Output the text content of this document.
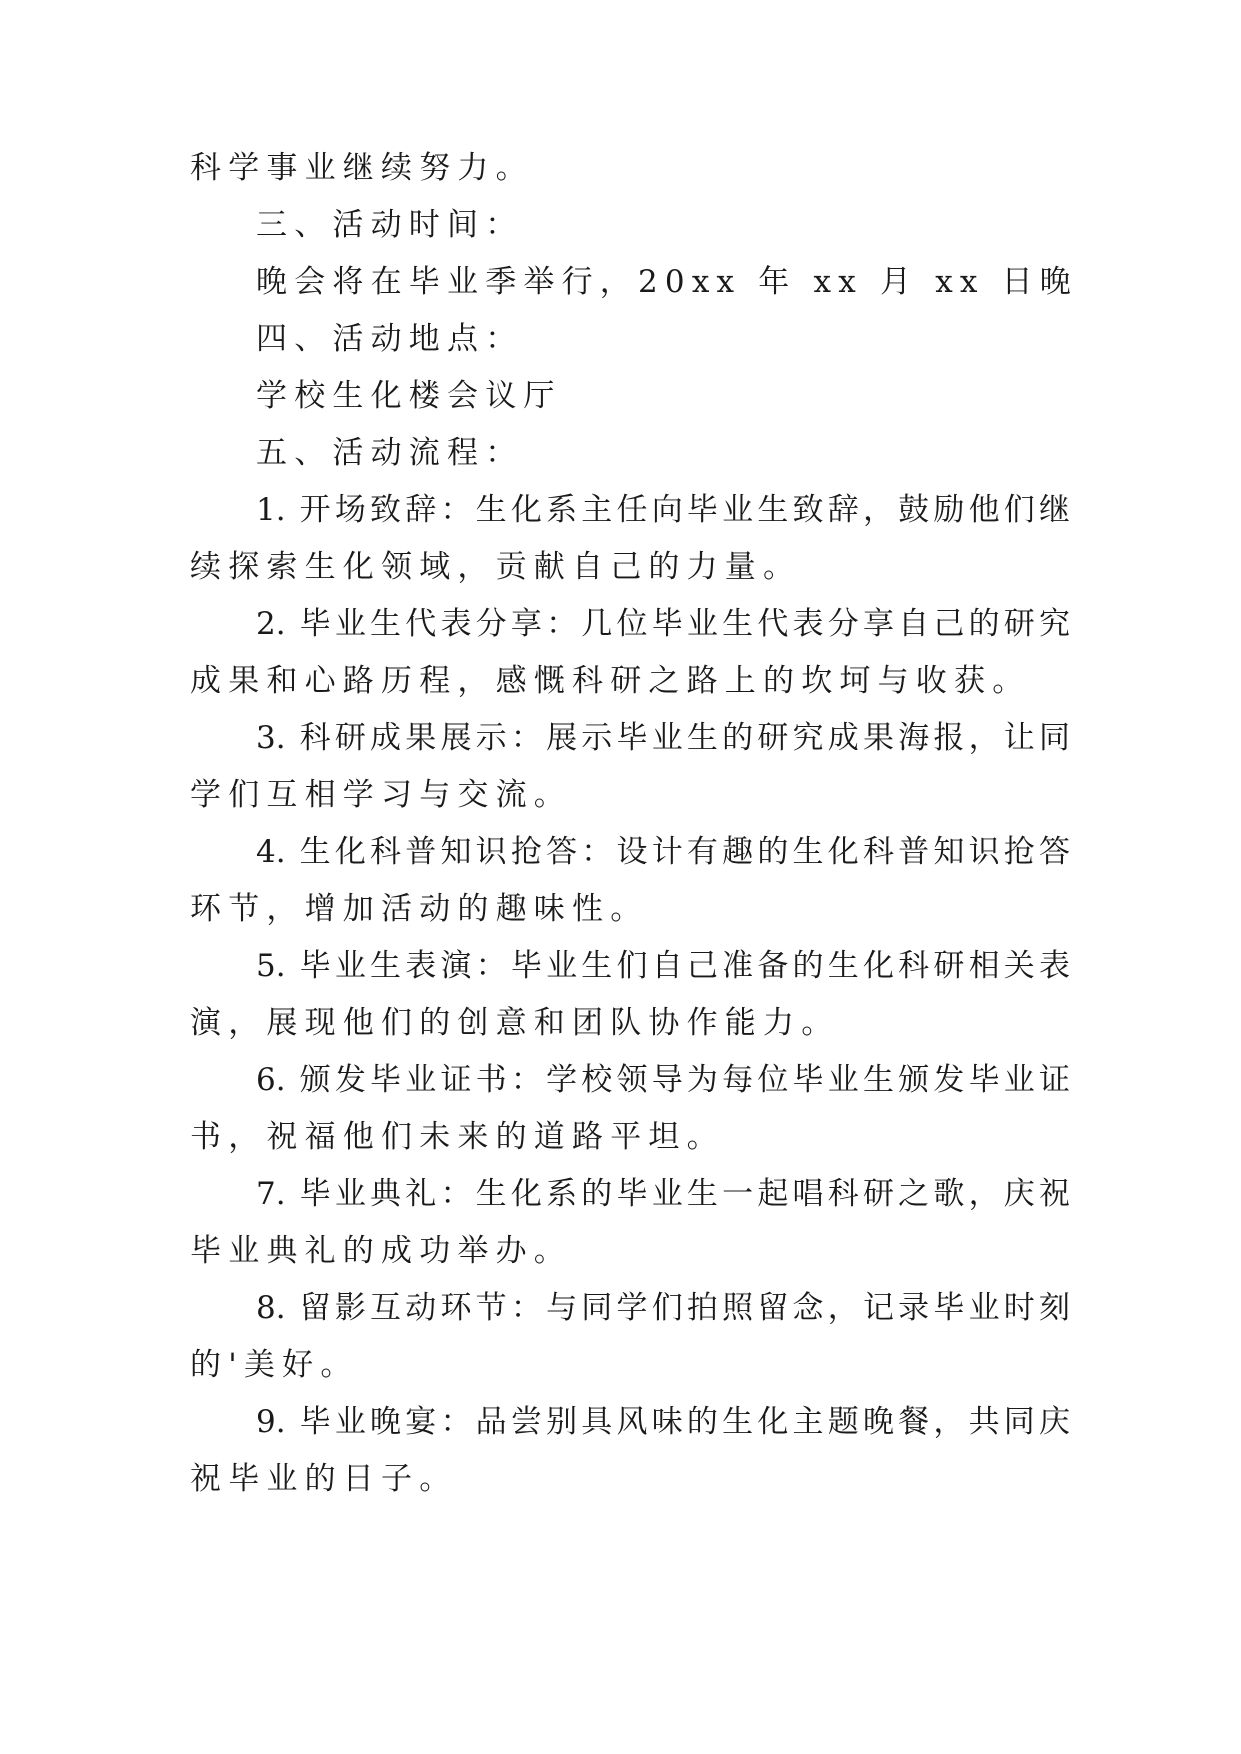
科学事业继续努力。
三、活动时间：
晚会将在毕业季举行，20xx 年 xx 月 xx 日晚
四、活动地点：
学校生化楼会议厅
五、活动流程：
1. 开场致辞：生化系主任向毕业生致辞，鼓励他们继
续探索生化领域，贡献自己的力量。
2. 毕业生代表分享：几位毕业生代表分享自己的研究
成果和心路历程，感慨科研之路上的坎坷与收获。
3. 科研成果展示：展示毕业生的研究成果海报，让同
学们互相学习与交流。
4. 生化科普知识抢答：设计有趣的生化科普知识抢答
环节，增加活动的趣味性。
5. 毕业生表演：毕业生们自己准备的生化科研相关表
演，展现他们的创意和团队协作能力。
6. 颁发毕业证书：学校领导为每位毕业生颁发毕业证
书，祝福他们未来的道路平坦。
7. 毕业典礼：生化系的毕业生一起唱科研之歌，庆祝
毕业典礼的成功举办。
8. 留影互动环节：与同学们拍照留念，记录毕业时刻
的'美好。
9. 毕业晚宴：品尝别具风味的生化主题晚餐，共同庆
祝毕业的日子。
